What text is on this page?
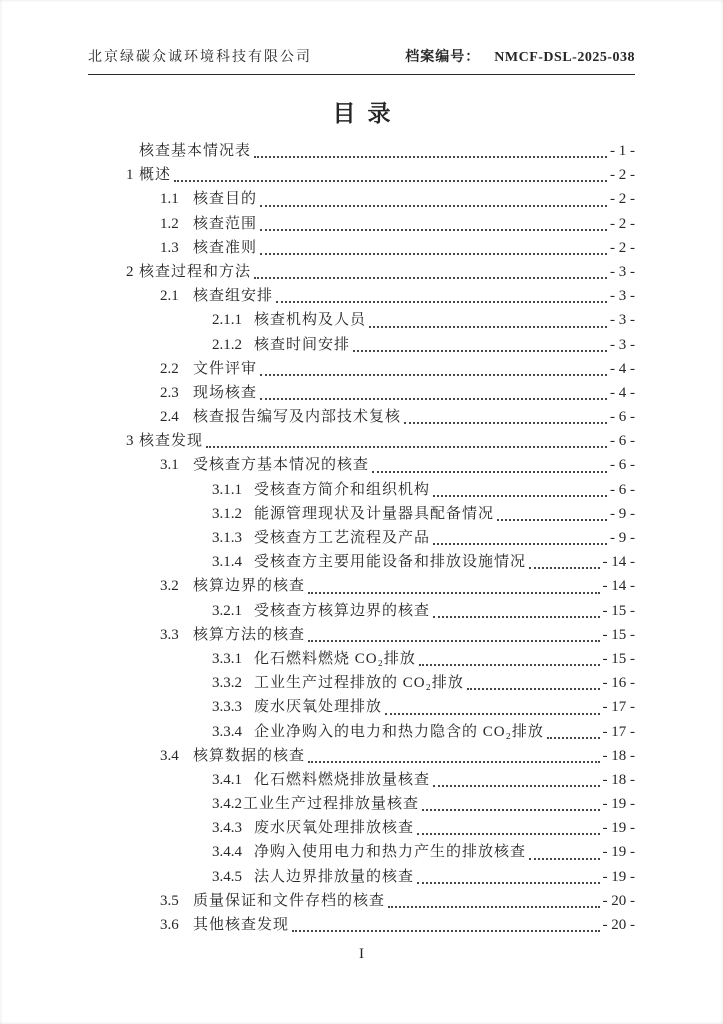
北京绿碳众诚环境科技有限公司	档案编号： NMCF-DSL-2025-038
目录
核查基本情况表	- 1 -
1 概述	- 2 -
1.1 核查目的	- 2 -
1.2 核查范围	- 2 -
1.3 核查准则	- 2 -
2 核查过程和方法	- 3 -
2.1 核查组安排	- 3 -
2.1.1 核查机构及人员	- 3 -
2.1.2 核查时间安排	- 3 -
2.2 文件评审	- 4 -
2.3 现场核查	- 4 -
2.4 核查报告编写及内部技术复核	- 6 -
3 核查发现	- 6 -
3.1 受核查方基本情况的核查	- 6 -
3.1.1 受核查方简介和组织机构	- 6 -
3.1.2 能源管理现状及计量器具配备情况	- 9 -
3.1.3 受核查方工艺流程及产品	- 9 -
3.1.4 受核查方主要用能设备和排放设施情况	- 14 -
3.2 核算边界的核查	- 14 -
3.2.1 受核查方核算边界的核查	- 15 -
3.3 核算方法的核查	- 15 -
3.3.1 化石燃料燃烧 CO₂排放	- 15 -
3.3.2 工业生产过程排放的 CO₂排放	- 16 -
3.3.3 废水厌氧处理排放	- 17 -
3.3.4 企业净购入的电力和热力隐含的 CO₂排放	- 17 -
3.4 核算数据的核查	- 18 -
3.4.1 化石燃料燃烧排放量核查	- 18 -
3.4.2 工业生产过程排放量核查	- 19 -
3.4.3 废水厌氧处理排放核查	- 19 -
3.4.4 净购入使用电力和热力产生的排放核查	- 19 -
3.4.5 法人边界排放量的核查	- 19 -
3.5 质量保证和文件存档的核查	- 20 -
3.6 其他核查发现	- 20 -
I
